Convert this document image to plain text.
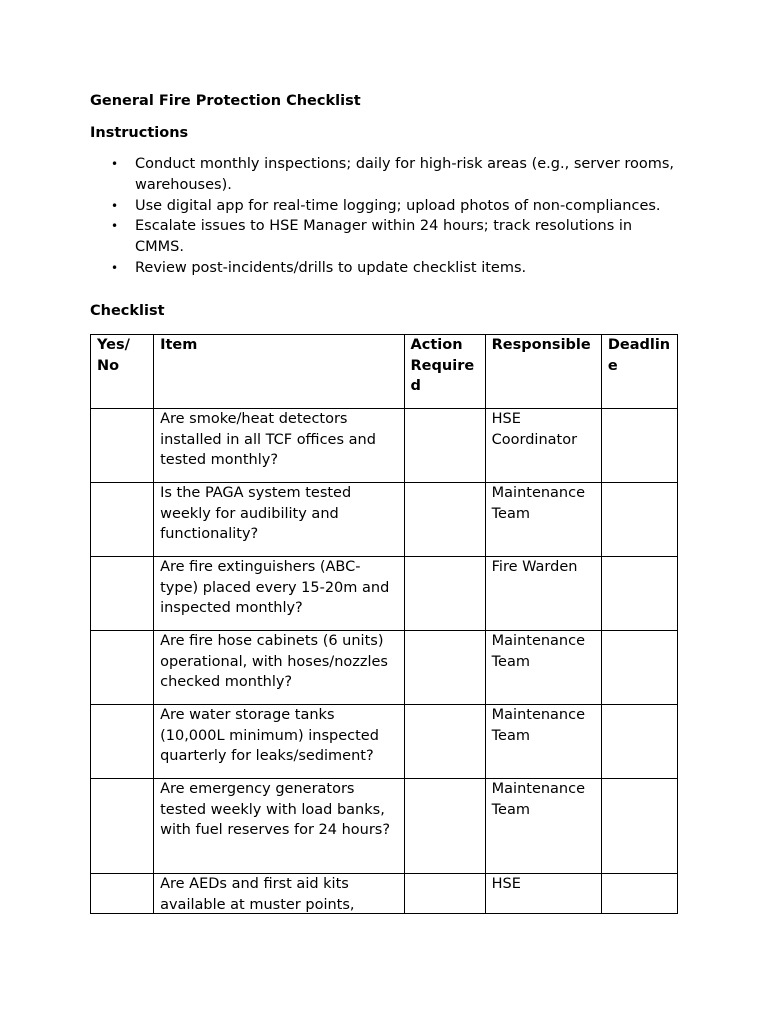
General Fire Protection Checklist
Instructions
• Conduct monthly inspections; daily for high-risk areas (e.g., server rooms, warehouses).
• Use digital app for real-time logging; upload photos of non-compliances.
• Escalate issues to HSE Manager within 24 hours; track resolutions in CMMS.
• Review post-incidents/drills to update checklist items.
Checklist
Yes/ No	Item	Action Required	Responsible	Deadline
	Are smoke/heat detectors installed in all TCF offices and tested monthly?		HSE Coordinator	
	Is the PAGA system tested weekly for audibility and functionality?		Maintenance Team	
	Are fire extinguishers (ABC-type) placed every 15-20m and inspected monthly?		Fire Warden	
	Are fire hose cabinets (6 units) operational, with hoses/nozzles checked monthly?		Maintenance Team	
	Are water storage tanks (10,000L minimum) inspected quarterly for leaks/sediment?		Maintenance Team	
	Are emergency generators tested weekly with load banks, with fuel reserves for 24 hours?		Maintenance Team	

	Are AEDs and first aid kits available at muster points,		HSE	
